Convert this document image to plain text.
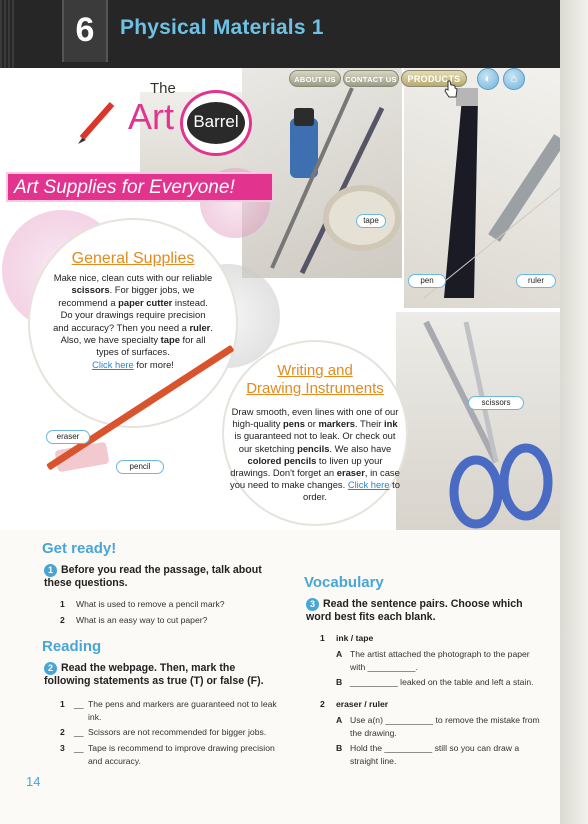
6	Physical Materials 1
ABOUT US	CONTACT US	PRODUCTS	◐	⌂
The
Art	Barrel
Art Supplies for Everyone!
General Supplies
Make nice, clean cuts with our reliable scissors. For bigger jobs, we recommend a paper cutter instead. Do your drawings require precision and accuracy? Then you need a ruler. Also, we have specialty tape for all types of surfaces.
Click here for more!	Writing and
Drawing Instruments
Draw smooth, even lines with one of our high-quality pens or markers. Their ink is guaranteed not to leak. Or check out our sketching pencils. We also have colored pencils to liven up your drawings. Don't forget an eraser, in case you need to make changes. Click here to order.
tape
pen	ruler
scissors
eraser
pencil
Get ready!
1 Before you read the passage, talk about these questions.
1 What is used to remove a pencil mark?
2 What is an easy way to cut paper?
Reading
2 Read the webpage. Then, mark the following statements as true (T) or false (F).
1 __ The pens and markers are guaranteed not to leak ink.
2 __ Scissors are not recommended for bigger jobs.
3 __ Tape is recommend to improve drawing precision and accuracy.
Vocabulary
3 Read the sentence pairs. Choose which word best fits each blank.
1 ink / tape
A The artist attached the photograph to the paper with __________.
B __________ leaked on the table and left a stain.
2 eraser / ruler
A Use a(n) __________ to remove the mistake from the drawing.
B Hold the __________ still so you can draw a straight line.
14
